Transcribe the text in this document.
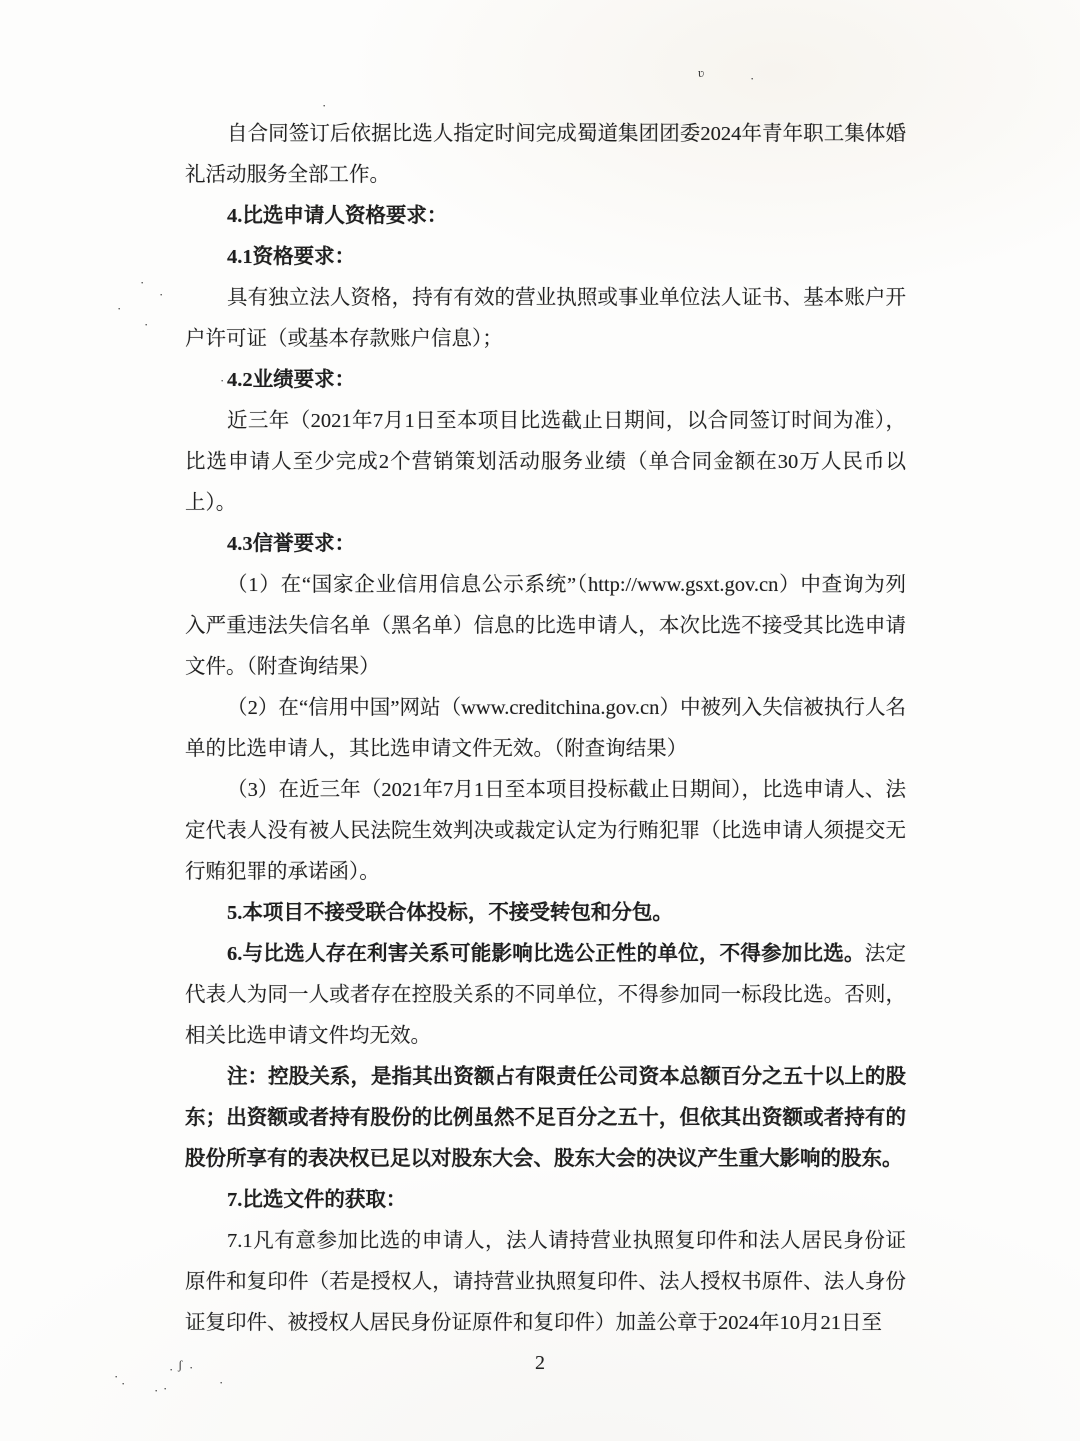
自合同签订后依据比选人指定时间完成蜀道集团团委2024年青年职工集体婚礼活动服务全部工作。

4.比选申请人资格要求：

4.1资格要求：

具有独立法人资格，持有有效的营业执照或事业单位法人证书、基本账户开户许可证（或基本存款账户信息）；

4.2业绩要求：

近三年（2021年7月1日至本项目比选截止日期间，以合同签订时间为准），比选申请人至少完成2个营销策划活动服务业绩（单合同金额在30万人民币以上）。

4.3信誉要求：

（1）在“国家企业信用信息公示系统”（http://www.gsxt.gov.cn）中查询为列入严重违法失信名单（黑名单）信息的比选申请人，本次比选不接受其比选申请文件。（附查询结果）

（2）在“信用中国”网站（www.creditchina.gov.cn）中被列入失信被执行人名单的比选申请人，其比选申请文件无效。（附查询结果）

（3）在近三年（2021年7月1日至本项目投标截止日期间），比选申请人、法定代表人没有被人民法院生效判决或裁定认定为行贿犯罪（比选申请人须提交无行贿犯罪的承诺函）。

5.本项目不接受联合体投标，不接受转包和分包。

6.与比选人存在利害关系可能影响比选公正性的单位，不得参加比选。法定代表人为同一人或者存在控股关系的不同单位，不得参加同一标段比选。否则，相关比选申请文件均无效。

注：控股关系，是指其出资额占有限责任公司资本总额百分之五十以上的股东；出资额或者持有股份的比例虽然不足百分之五十，但依其出资额或者持有的股份所享有的表决权已足以对股东大会、股东大会的决议产生重大影响的股东。

7.比选文件的获取：

7.1凡有意参加比选的申请人，法人请持营业执照复印件和法人居民身份证原件和复印件（若是授权人，请持营业执照复印件、法人授权书原件、法人身份证复印件、被授权人居民身份证原件和复印件）加盖公章于2024年10月21日至

2
ʋ	·
·
·
·
·
·
·
· ·
· ʃ ·
·
· ·
